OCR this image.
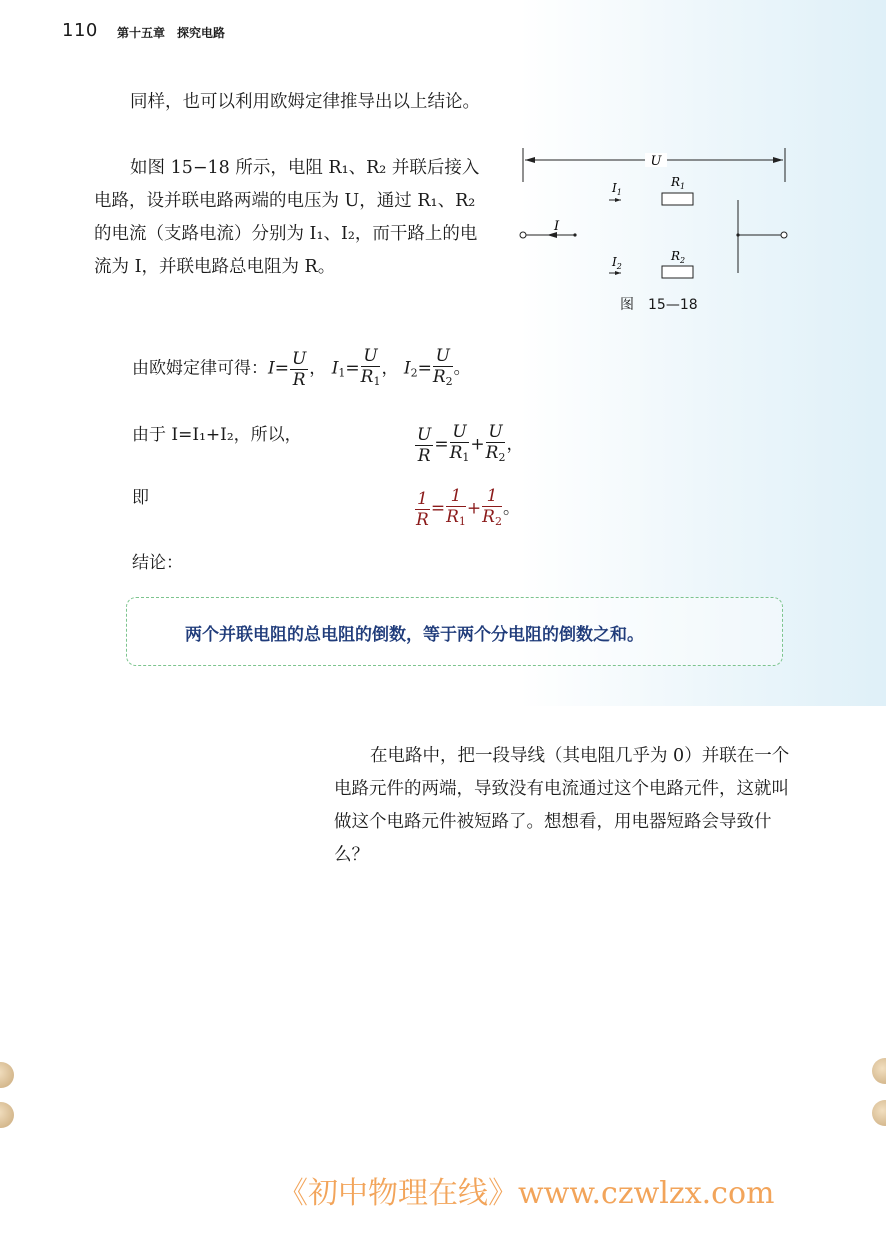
110 第十五章　探究电路
同样，也可以利用欧姆定律推导出以上结论。
如图 15−18 所示，电阻 R₁、R₂ 并联后接入电路，设并联电路两端的电压为 U，通过 R₁、R₂ 的电流（支路电流）分别为 I₁、I₂，而干路上的电流为 I，并联电路总电阻为 R。
U
I
$I_1$
$R_1$
$I_2$
$R_2$
图　15—18
由欧姆定律可得：$I= \frac{U}{R}$ ， $I_1= \frac{U}{R_1}$ ， $I_2= \frac{U}{R_2}$ 。
由于 I=I₁+I₂，所以，	$\frac{U}{R} = \frac{U}{R_1} + \frac{U}{R_2}$ ，
即	$\frac{1}{R} = \frac{1}{R_1} + \frac{1}{R_2}$ 。
结论：
两个并联电阻的总电阻的倒数，等于两个分电阻的倒数之和。
在电路中，把一段导线（其电阻几乎为 0）并联在一个电路元件的两端，导致没有电流通过这个电路元件，这就叫做这个电路元件被短路了。想想看，用电器短路会导致什么？
《初中物理在线》www.czwlzx.com
